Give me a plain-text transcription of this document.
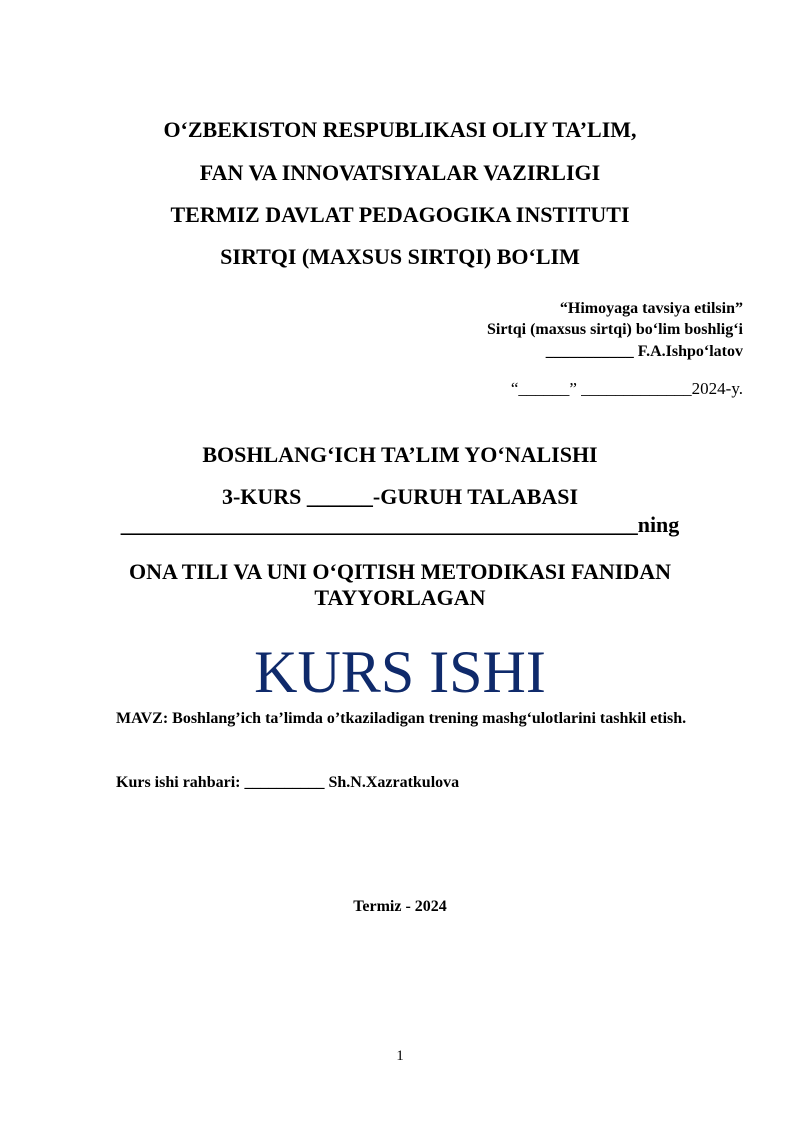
O‘ZBEKISTON RESPUBLIKASI OLIY TA’LIM,
FAN VA INNOVATSIYALAR VAZIRLIGI
TERMIZ DAVLAT PEDAGOGIKA INSTITUTI
SIRTQI (MAXSUS SIRTQI) BO‘LIM
“Himoyaga tavsiya etilsin”
Sirtqi (maxsus sirtqi) bo‘lim boshlig‘i
___________ F.A.Ishpo‘latov
“______” _____________2024-y.
BOSHLANG‘ICH TA’LIM YO‘NALISHI
3-KURS ______-GURUH TALABASI
_______________________________________________ning
ONA TILI VA UNI O‘QITISH METODIKASI FANIDAN
TAYYORLAGAN
KURS ISHI
MAVZ: Boshlang’ich ta’limda o’tkaziladigan trening mashg‘ulotlarini tashkil etish.
Kurs ishi rahbari: __________ Sh.N.Xazratkulova
Termiz - 2024
1
